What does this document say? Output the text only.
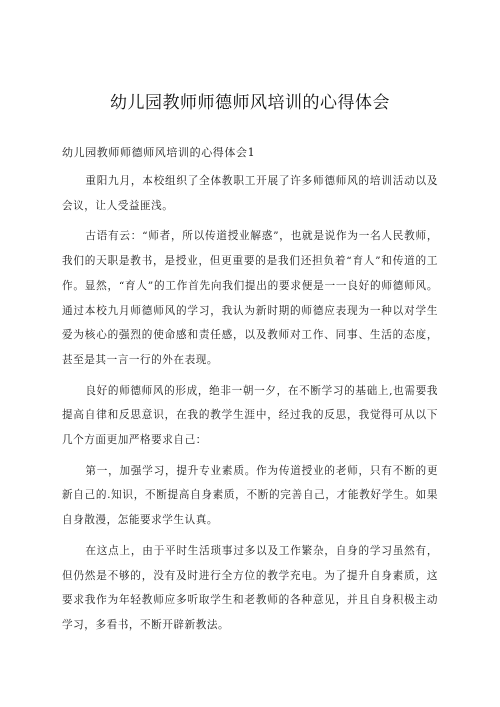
幼儿园教师师德师风培训的心得体会
幼儿园教师师德师风培训的心得体会1

重阳九月，本校组织了全体教职工开展了许多师德师风的培训活动以及会议，让人受益匪浅。

古语有云：“师者，所以传道授业解惑”，也就是说作为一名人民教师，我们的天职是教书，是授业，但更重要的是我们还担负着“育人”和传道的工作。显然，“育人”的工作首先向我们提出的要求便是一一良好的师德师风。通过本校九月师德师风的学习，我认为新时期的师德应表现为一种以对学生爱为核心的强烈的使命感和责任感，以及教师对工作、同事、生活的态度，甚至是其一言一行的外在表现。

良好的师德师风的形成，绝非一朝一夕，在不断学习的基础上,也需要我提高自律和反思意识，在我的教学生涯中，经过我的反思，我觉得可从以下几个方面更加严格要求自己：

第一，加强学习，提升专业素质。作为传道授业的老师，只有不断的更新自己的.知识，不断提高自身素质，不断的完善自己，才能教好学生。如果自身散漫，怎能要求学生认真。

在这点上，由于平时生活琐事过多以及工作繁杂，自身的学习虽然有，但仍然是不够的，没有及时进行全方位的教学充电。为了提升自身素质，这要求我作为年轻教师应多听取学生和老教师的各种意见，并且自身积极主动学习，多看书，不断开辟新教法。
